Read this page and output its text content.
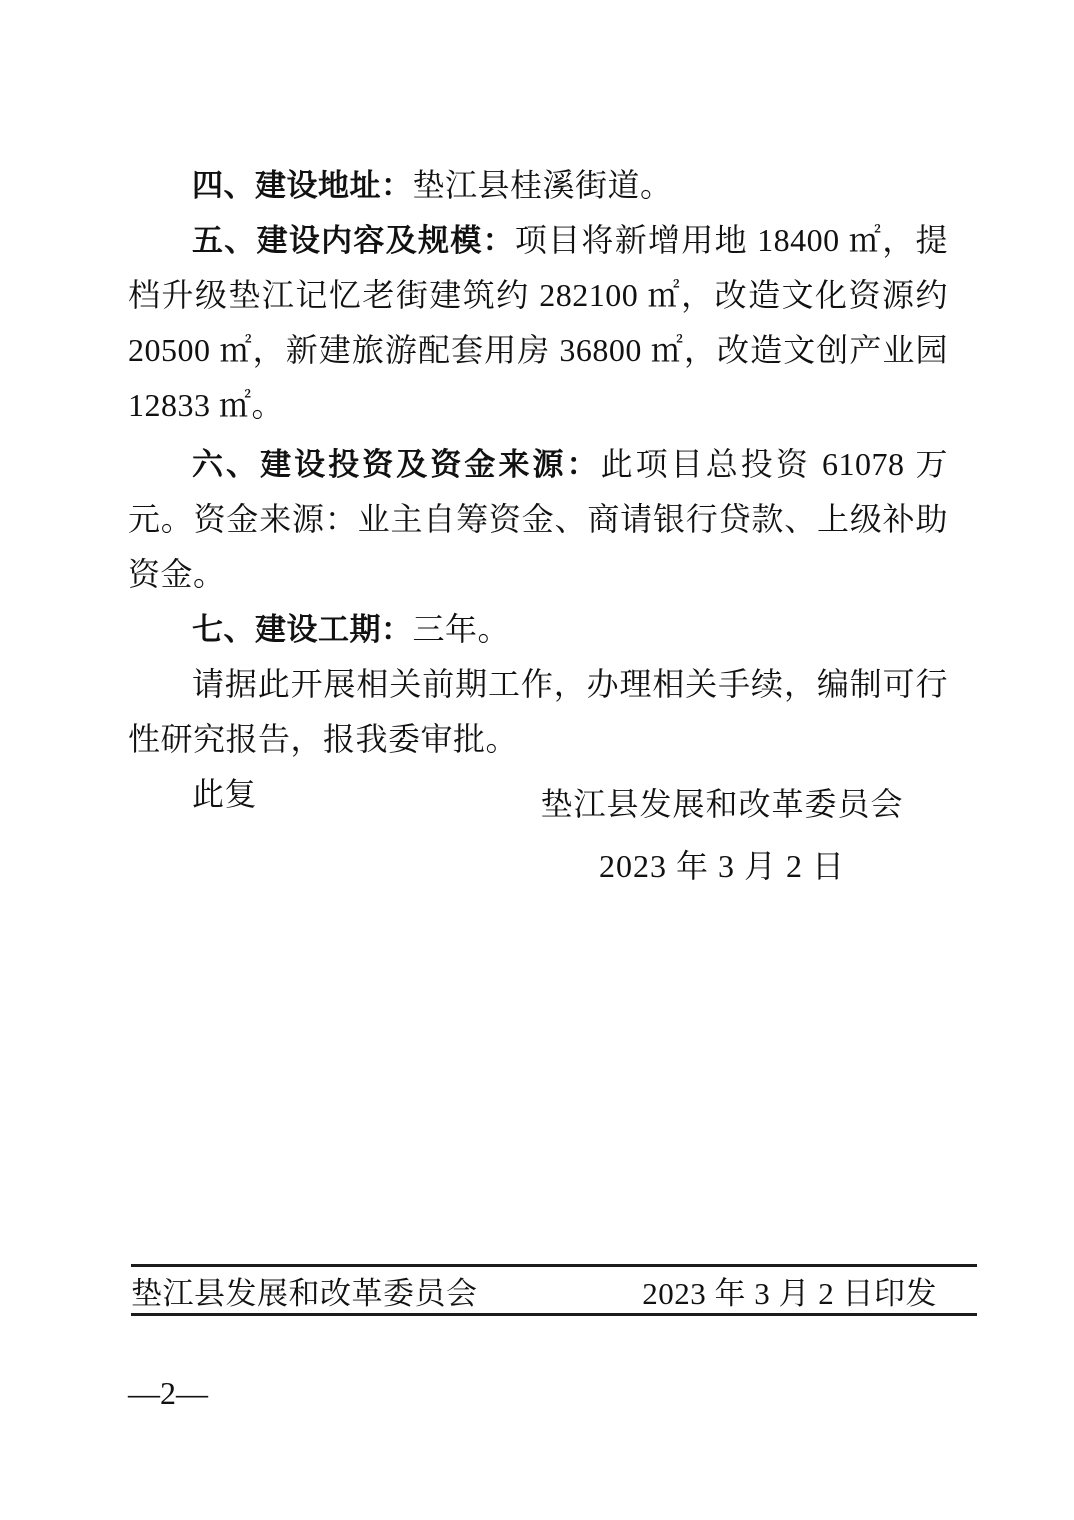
四、建设地址：垫江县桂溪街道。

五、建设内容及规模：项目将新增用地 18400 ㎡，提档升级垫江记忆老街建筑约 282100 ㎡，改造文化资源约 20500 ㎡，新建旅游配套用房 36800 ㎡，改造文创产业园 12833 ㎡。

六、建设投资及资金来源：此项目总投资 61078 万元。资金来源：业主自筹资金、商请银行贷款、上级补助资金。

七、建设工期：三年。

请据此开展相关前期工作，办理相关手续，编制可行性研究报告，报我委审批。

此复	垫江县发展和改革委员会
2023 年 3 月 2 日
垫江县发展和改革委员会	2023 年 3 月 2 日印发
—2—
